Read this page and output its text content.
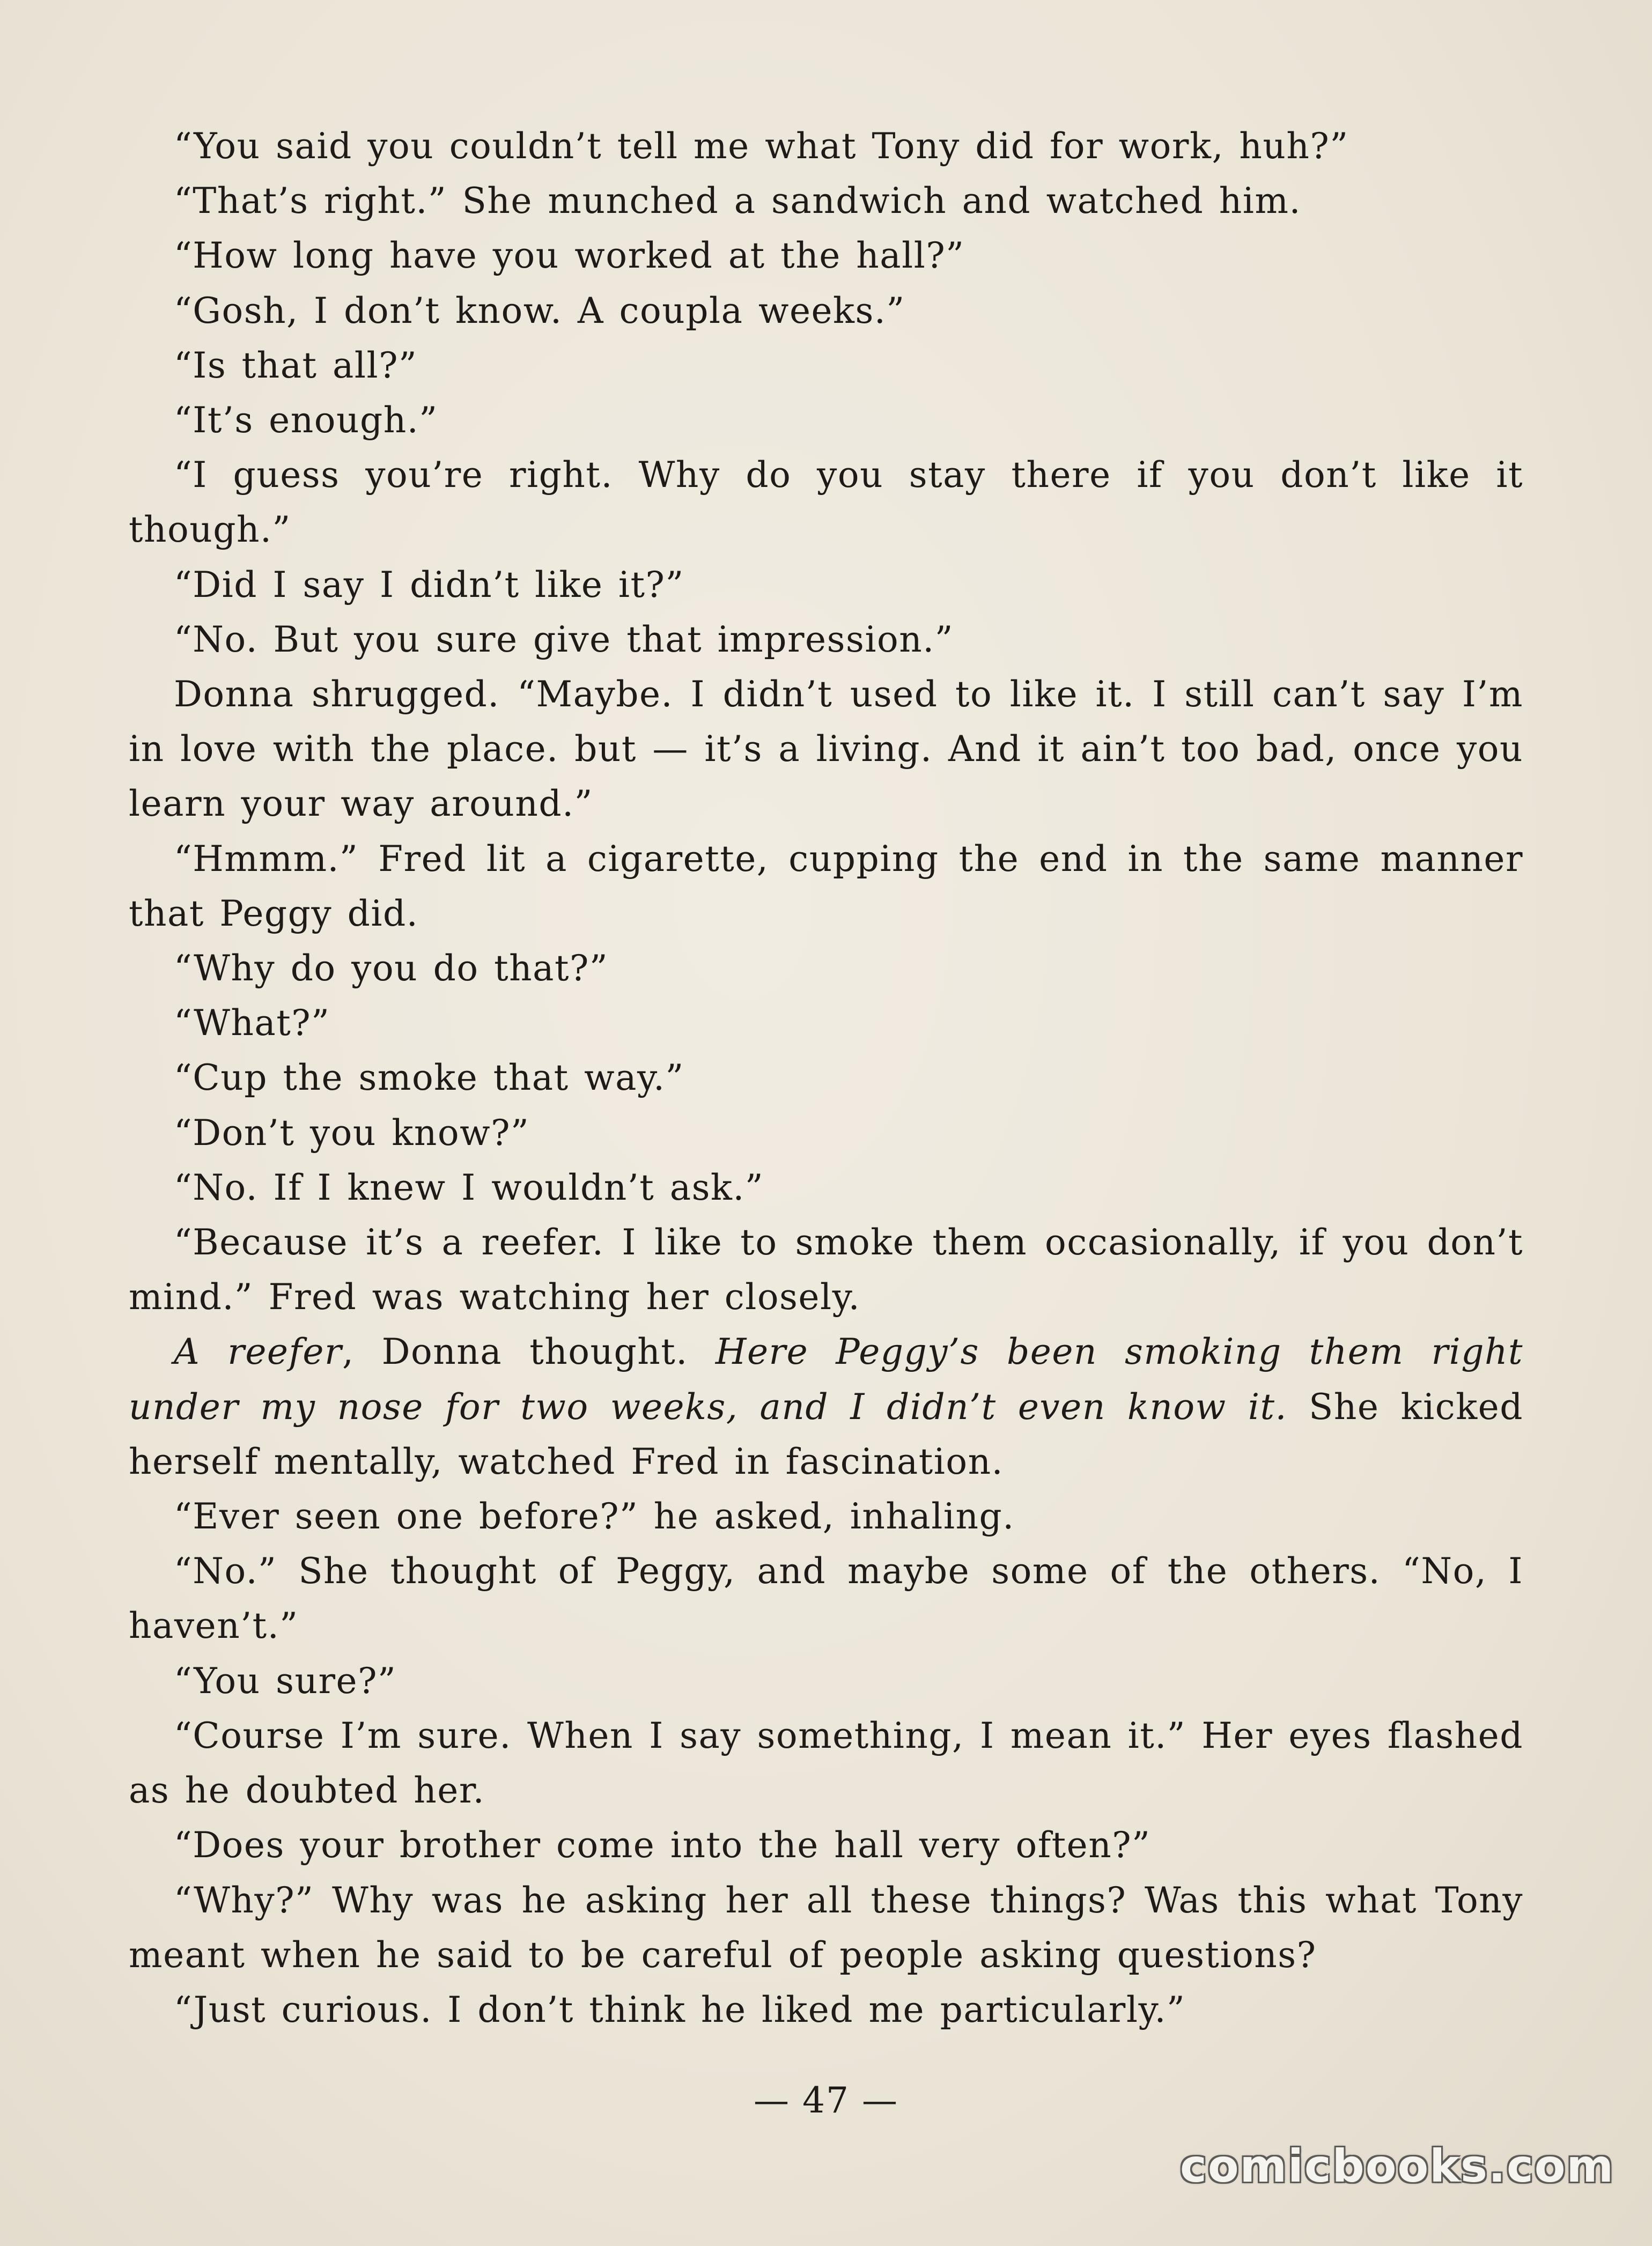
“You said you couldn’t tell me what Tony did for work, huh?”

“That’s right.” She munched a sandwich and watched him.

“How long have you worked at the hall?”

“Gosh, I don’t know. A coupla weeks.”

“Is that all?”

“It’s enough.”

“I guess you’re right. Why do you stay there if you don’t like it though.”

“Did I say I didn’t like it?”

“No. But you sure give that impression.”

Donna shrugged. “Maybe. I didn’t used to like it. I still can’t say I’m in love with the place. but — it’s a living. And it ain’t too bad, once you learn your way around.”

“Hmmm.” Fred lit a cigarette, cupping the end in the same manner that Peggy did.

“Why do you do that?”

“What?”

“Cup the smoke that way.”

“Don’t you know?”

“No. If I knew I wouldn’t ask.”

“Because it’s a reefer. I like to smoke them occasionally, if you don’t mind.” Fred was watching her closely.

A reefer, Donna thought. Here Peggy’s been smoking them right under my nose for two weeks, and I didn’t even know it. She kicked herself mentally, watched Fred in fascination.

“Ever seen one before?” he asked, inhaling.

“No.” She thought of Peggy, and maybe some of the others. “No, I haven’t.”

“You sure?”

“Course I’m sure. When I say something, I mean it.” Her eyes flashed as he doubted her.

“Does your brother come into the hall very often?”

“Why?” Why was he asking her all these things? Was this what Tony meant when he said to be careful of people asking questions?

“Just curious. I don’t think he liked me particularly.”

— 47 —
comicbooks.com
